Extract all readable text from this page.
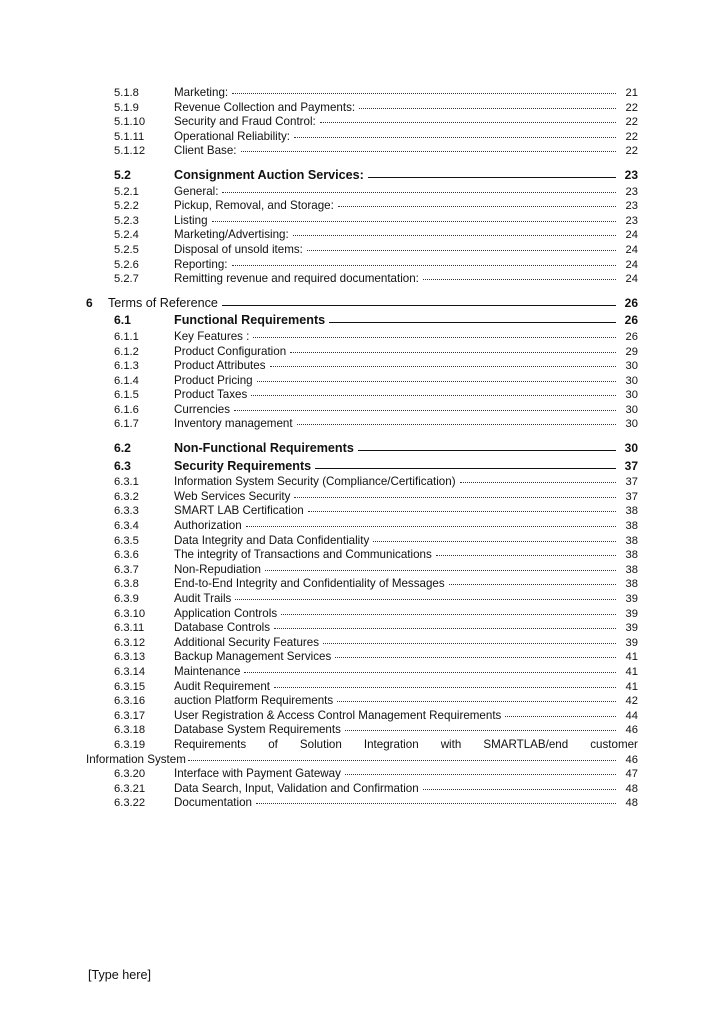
5.1.8	Marketing:	21
5.1.9	Revenue Collection and Payments:	22
5.1.10	Security and Fraud Control:	22
5.1.11	Operational Reliability:	22
5.1.12	Client Base:	22
5.2	Consignment Auction Services:	23
5.2.1	General:	23
5.2.2	Pickup, Removal, and Storage:	23
5.2.3	Listing	23
5.2.4	Marketing/Advertising:	24
5.2.5	Disposal of unsold items:	24
5.2.6	Reporting:	24
5.2.7	Remitting revenue and required documentation:	24
6	Terms of Reference	26
6.1	Functional Requirements	26
6.1.1	Key Features :	26
6.1.2	Product Configuration	29
6.1.3	Product Attributes	30
6.1.4	Product Pricing	30
6.1.5	Product Taxes	30
6.1.6	Currencies	30
6.1.7	Inventory management	30
6.2	Non-Functional Requirements	30
6.3	Security Requirements	37
6.3.1	Information System Security (Compliance/Certification)	37
6.3.2	Web Services Security	37
6.3.3	SMART LAB Certification	38
6.3.4	Authorization	38
6.3.5	Data Integrity and Data Confidentiality	38
6.3.6	The integrity of Transactions and Communications	38
6.3.7	Non-Repudiation	38
6.3.8	End-to-End Integrity and Confidentiality of Messages	38
6.3.9	Audit Trails	39
6.3.10	Application Controls	39
6.3.11	Database Controls	39
6.3.12	Additional Security Features	39
6.3.13	Backup Management Services	41
6.3.14	Maintenance	41
6.3.15	Audit Requirement	41
6.3.16	auction Platform Requirements	42
6.3.17	User Registration & Access Control Management Requirements	44
6.3.18	Database System Requirements	46
6.3.19	Requirements of Solution Integration with SMARTLAB/end customer
Information System	46
6.3.20	Interface with Payment Gateway	47
6.3.21	Data Search, Input, Validation and Confirmation	48
6.3.22	Documentation	48
[Type here]
